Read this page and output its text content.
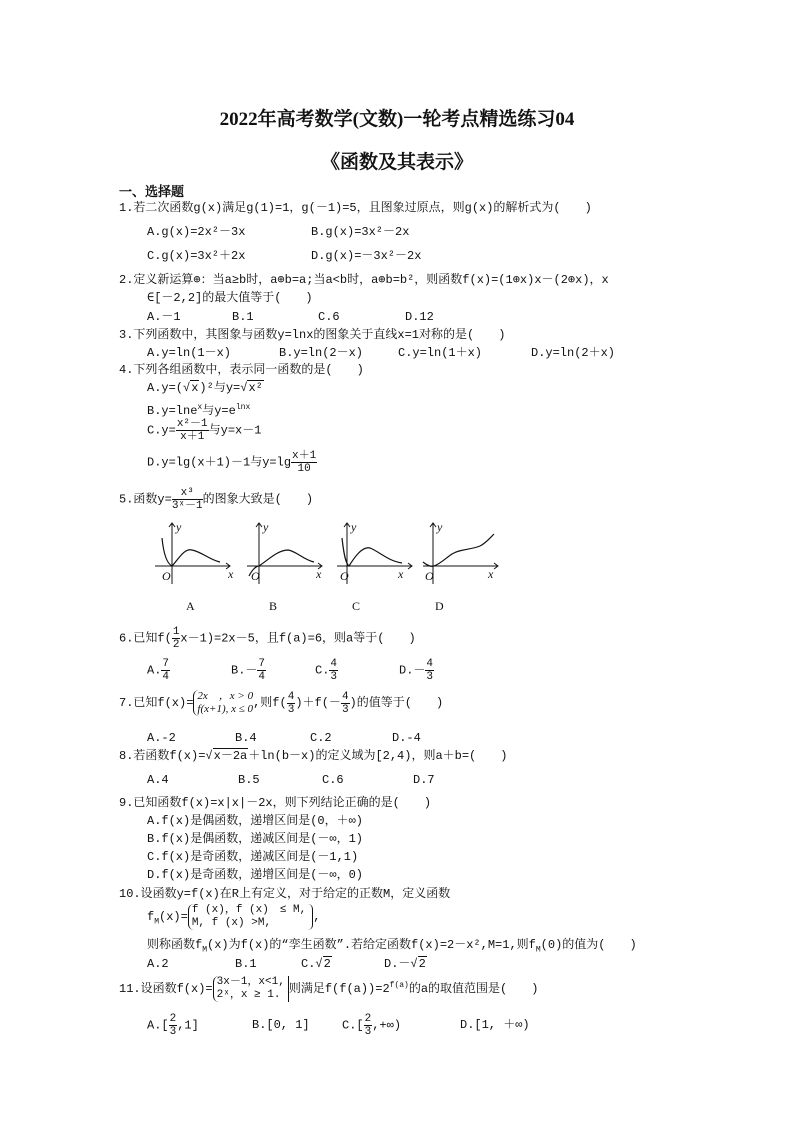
2022年高考数学(文数)一轮考点精选练习04
《函数及其表示》
一、选择题
1.若二次函数g(x)满足g(1)=1，g(－1)=5，且图象过原点，则g(x)的解析式为(　　)
A.g(x)=2x²－3x	B.g(x)=3x²－2x
C.g(x)=3x²＋2x	D.g(x)=－3x²－2x
2.定义新运算⊕：当a≥b时，a⊕b=a;当a<b时，a⊕b=b²，则函数f(x)=(1⊕x)x－(2⊕x)，x
∈[－2,2]的最大值等于(　　)
A.－1	B.1	C.6	D.12
3.下列函数中，其图象与函数y=lnx的图象关于直线x=1对称的是(　　)
A.y=ln(1－x)	B.y=ln(2－x)	C.y=ln(1＋x)	D.y=ln(2＋x)
4.下列各组函数中，表示同一函数的是(　　)
A.y=(√x)²与y=√x²
B.y=lne$^x$与$y=e^{lnx}$
$C.y= \frac{\text{x²－1}}{x+1}$ 与y=x－1
D.y=lg(x＋1)－1与$y=\lg \frac{x+1}{10}$
5.函数$y= \frac{\text{x³}}{\text{3ˣ－1}}$ 的图象大致是(　　)
O	x
y
O	x
y
O	x
y
O	x
y
A	B	C	D
6.已知$f( \frac{1}{2} x-1)=2x-5$，且f(a)=6，则a等于(　　)
A. $\frac{7}{4}$	$B.- \frac{7}{4}$	C. $\frac{4}{3}$	$D.- \frac{4}{3}$
7.已知f(x)=
2x　，x > 0
f(x+1), x ≤ 0 ,则$f( \frac{4}{3} )+f(- \frac{4}{3}$ )的值等于(　　)
A.-2	B.4	C.2	D.-4
8.若函数f(x)=√x－2a＋ln(b－x)的定义域为[2,4)，则a＋b=(　　)
A.4	B.5	C.6	D.7
9.已知函数f(x)=x|x|－2x，则下列结论正确的是(　　)
A.f(x)是偶函数，递增区间是(0，＋∞)
B.f(x)是偶函数，递减区间是(－∞，1)
C.f(x)是奇函数，递减区间是(－1,1)
D.f(x)是奇函数，递增区间是(－∞，0)
10.设函数y=f(x)在R上有定义，对于给定的正数M，定义函数
$f_M(x)=$
f (x)，f (x)　≤ M,
M, f (x) >M,	,
则称函数$f_M(x)$为f(x)的“孪生函数”.若给定函数f(x)=2－x²,M=1,则$f_M(0)$的值为(　　)
A.2	B.1	C.√2	D.－√2
11.设函数f(x)=
3x－1，x<1,
2ˣ，x ≥ 1. 则满足$f(f(a))=2^{f(a)}$的a的取值范围是(　　)
$A.[ \frac{2}{3} ,1]$	B.[0, 1]	$C.[ \frac{2}{3}$ ,+∞)	D.[1, ＋∞)
